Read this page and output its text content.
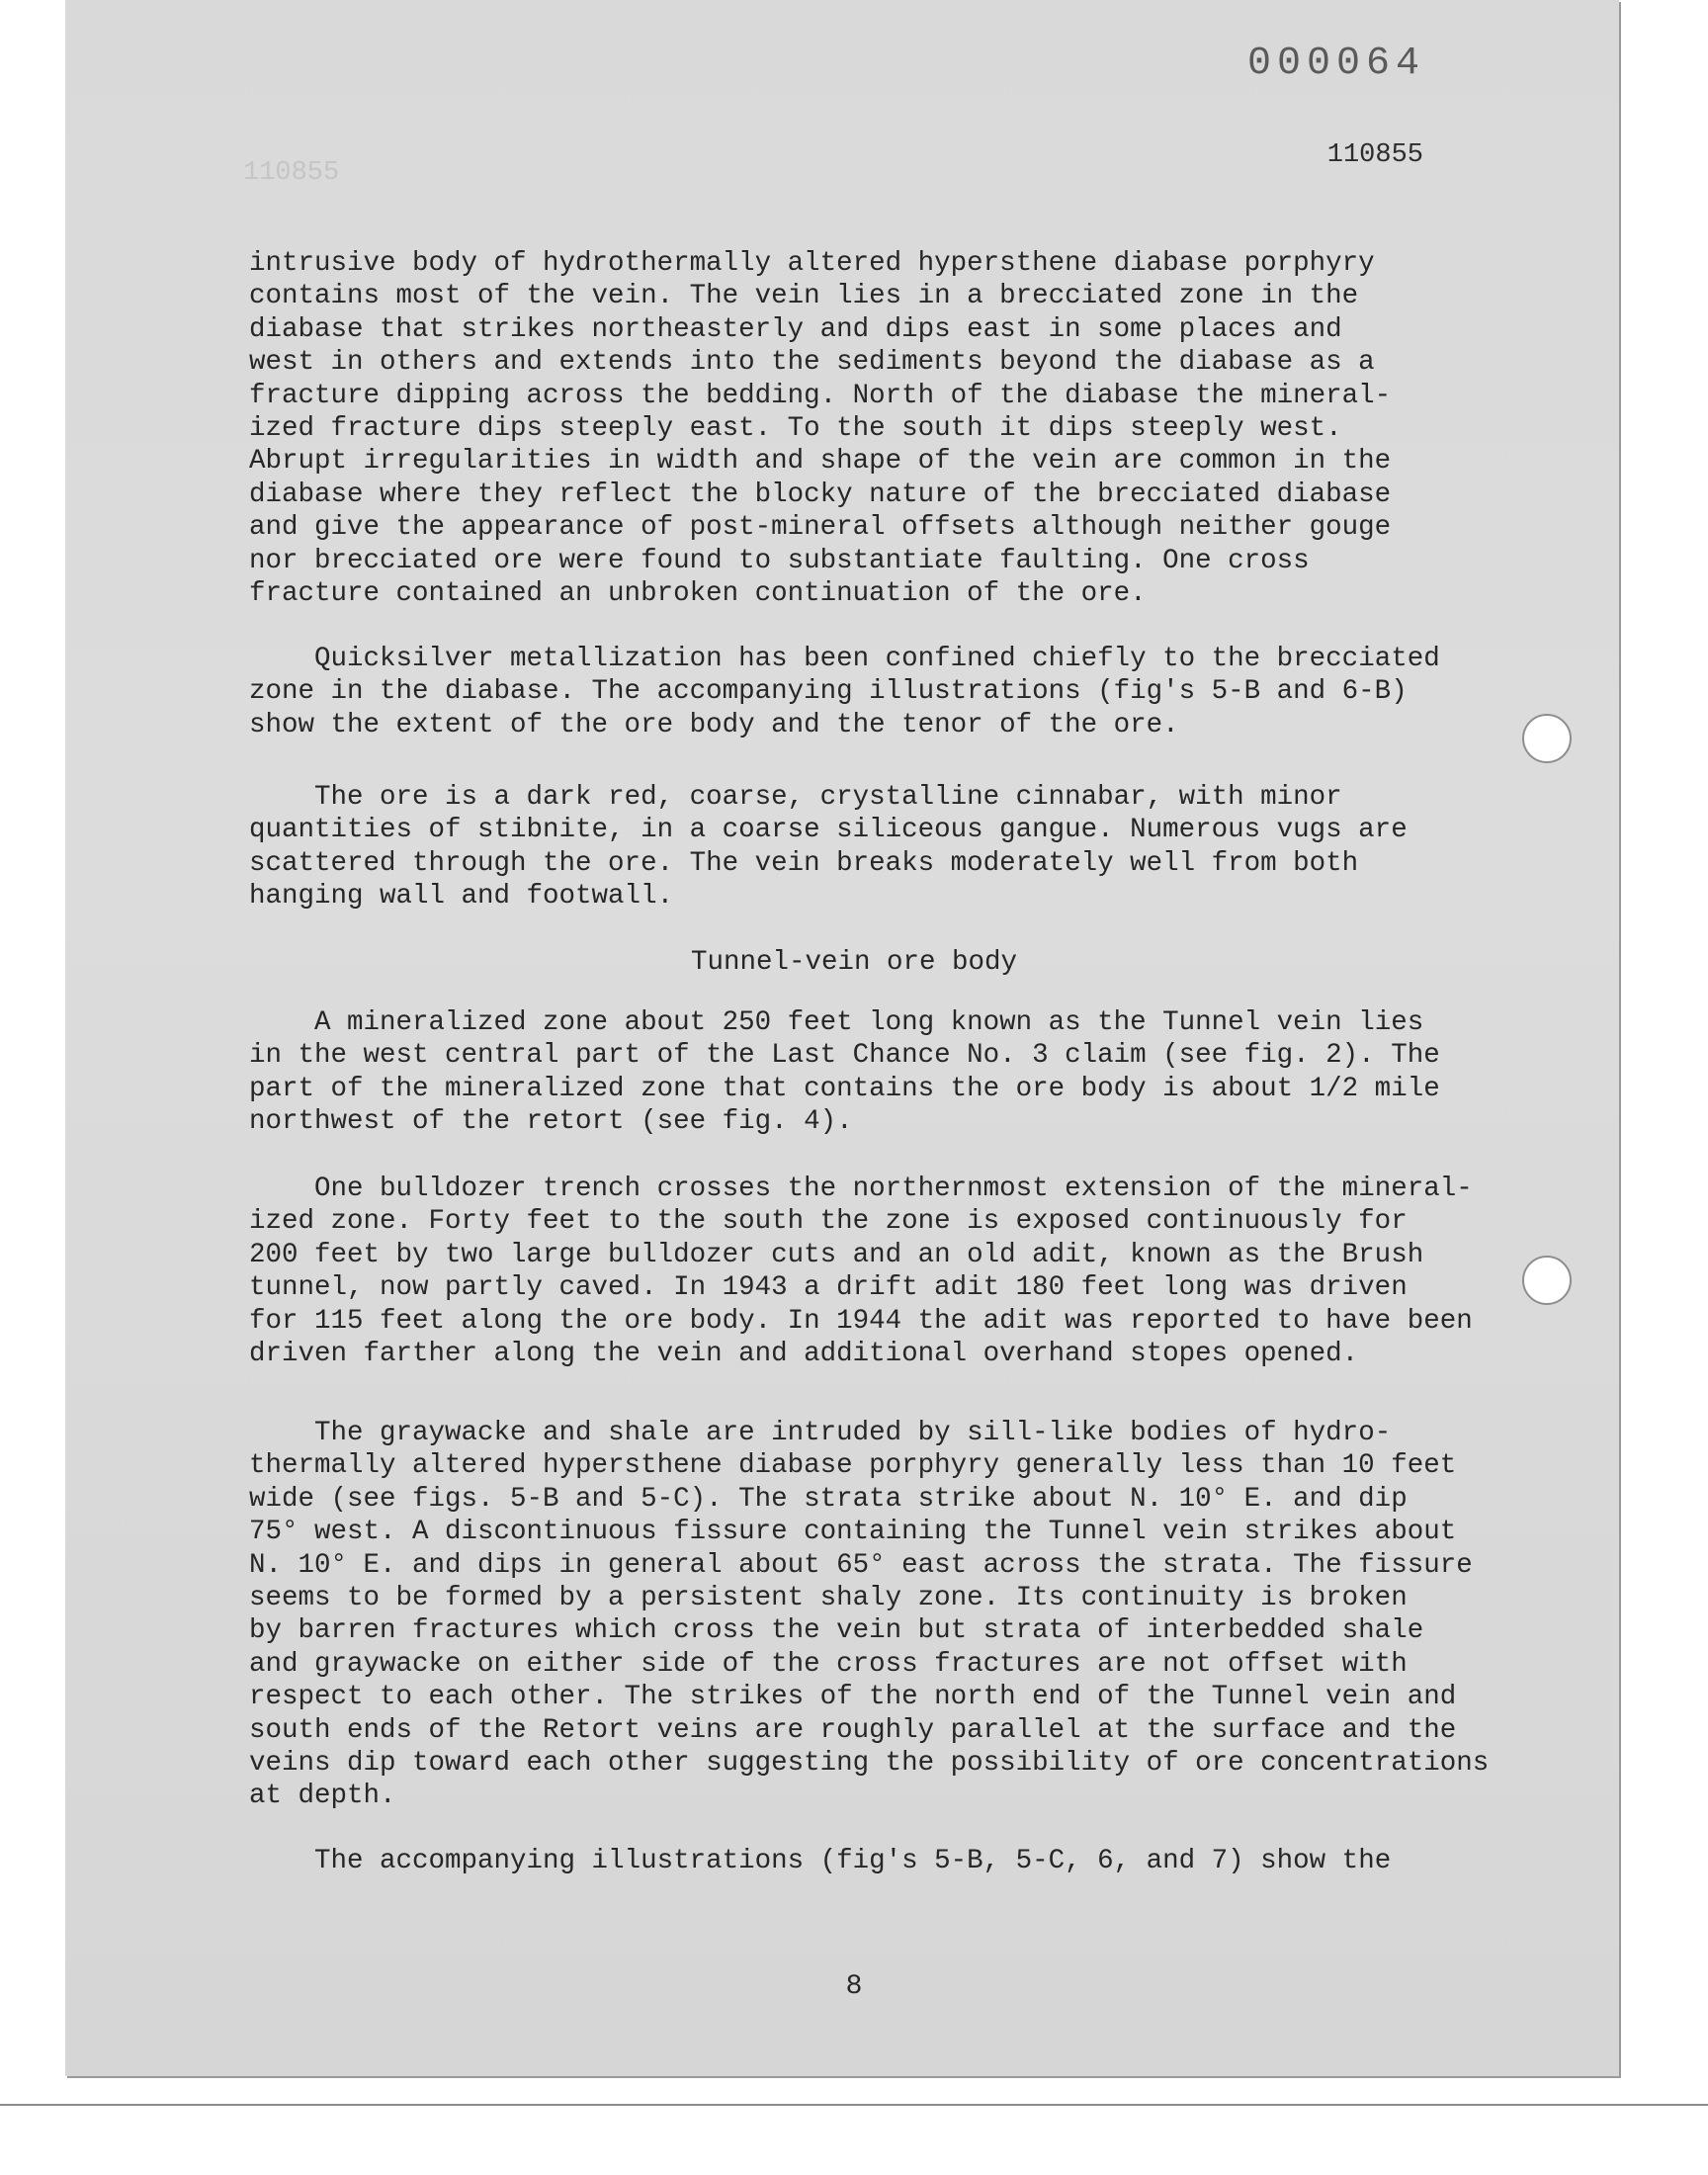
000064
110855
110855

intrusive body of hydrothermally altered hypersthene diabase porphyry
contains most of the vein. The vein lies in a brecciated zone in the
diabase that strikes northeasterly and dips east in some places and
west in others and extends into the sediments beyond the diabase as a
fracture dipping across the bedding. North of the diabase the mineral-
ized fracture dips steeply east. To the south it dips steeply west.
Abrupt irregularities in width and shape of the vein are common in the
diabase where they reflect the blocky nature of the brecciated diabase
and give the appearance of post-mineral offsets although neither gouge
nor brecciated ore were found to substantiate faulting. One cross
fracture contained an unbroken continuation of the ore.

Quicksilver metallization has been confined chiefly to the brecciated
zone in the diabase. The accompanying illustrations (fig's 5-B and 6-B)
show the extent of the ore body and the tenor of the ore.

The ore is a dark red, coarse, crystalline cinnabar, with minor
quantities of stibnite, in a coarse siliceous gangue. Numerous vugs are
scattered through the ore. The vein breaks moderately well from both
hanging wall and footwall.

Tunnel-vein ore body

A mineralized zone about 250 feet long known as the Tunnel vein lies
in the west central part of the Last Chance No. 3 claim (see fig. 2). The
part of the mineralized zone that contains the ore body is about 1/2 mile
northwest of the retort (see fig. 4).

One bulldozer trench crosses the northernmost extension of the mineral-
ized zone. Forty feet to the south the zone is exposed continuously for
200 feet by two large bulldozer cuts and an old adit, known as the Brush
tunnel, now partly caved. In 1943 a drift adit 180 feet long was driven
for 115 feet along the ore body. In 1944 the adit was reported to have been
driven farther along the vein and additional overhand stopes opened.

The graywacke and shale are intruded by sill-like bodies of hydro-
thermally altered hypersthene diabase porphyry generally less than 10 feet
wide (see figs. 5-B and 5-C). The strata strike about N. 10° E. and dip
75° west. A discontinuous fissure containing the Tunnel vein strikes about
N. 10° E. and dips in general about 65° east across the strata. The fissure
seems to be formed by a persistent shaly zone. Its continuity is broken
by barren fractures which cross the vein but strata of interbedded shale
and graywacke on either side of the cross fractures are not offset with
respect to each other. The strikes of the north end of the Tunnel vein and
south ends of the Retort veins are roughly parallel at the surface and the
veins dip toward each other suggesting the possibility of ore concentrations
at depth.

The accompanying illustrations (fig's 5-B, 5-C, 6, and 7) show the

8
